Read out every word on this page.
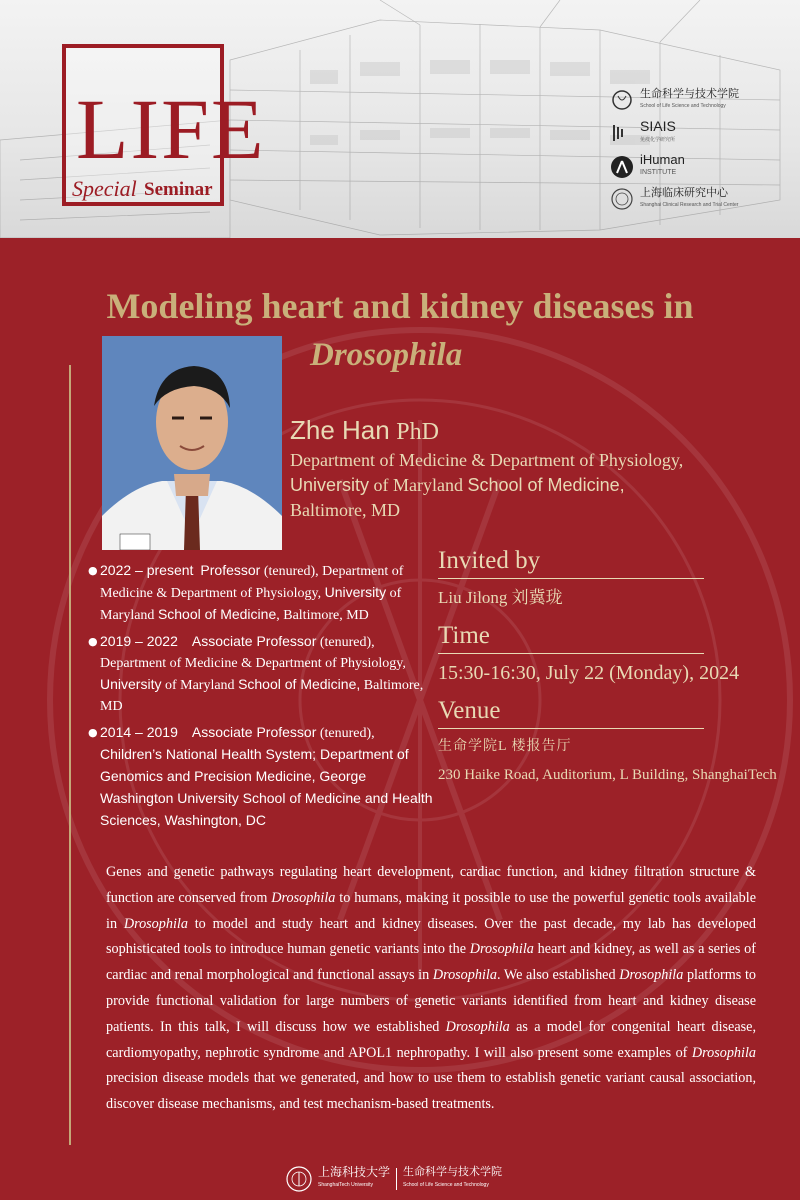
LIFE
Special Seminar
生命科学与技术学院
School of Life Science and Technology
SIAIS
免疫化学研究所
iHuman
INSTITUTE
上海临床研究中心
Shanghai Clinical Research and Trial Center
Modeling heart and kidney diseases in
Drosophila
Zhe Han PhD
Department of Medicine & Department of Physiology,
University of Maryland School of Medicine,
Baltimore, MD
● 2022 – present Professor (tenured), Department of Medicine & Department of Physiology, University of Maryland School of Medicine, Baltimore, MD
● 2019 – 2022 Associate Professor (tenured), Department of Medicine & Department of Physiology, University of Maryland School of Medicine, Baltimore, MD
● 2014 – 2019 Associate Professor (tenured), Children’s National Health System; Department of Genomics and Precision Medicine, George Washington University School of Medicine and Health Sciences, Washington, DC
Invited by
Liu Jilong 刘冀珑
Time
15:30-16:30, July 22 (Monday), 2024
Venue
生命学院L 楼报告厅
230 Haike Road, Auditorium, L Building, ShanghaiTech
Genes and genetic pathways regulating heart development, cardiac function, and kidney filtration structure & function are conserved from Drosophila to humans, making it possible to use the powerful genetic tools available in Drosophila to model and study heart and kidney diseases. Over the past decade, my lab has developed sophisticated tools to introduce human genetic variants into the Drosophila heart and kidney, as well as a series of cardiac and renal morphological and functional assays in Drosophila. We also established Drosophila platforms to provide functional validation for large numbers of genetic variants identified from heart and kidney disease patients. In this talk, I will discuss how we established Drosophila as a model for congenital heart disease, cardiomyopathy, nephrotic syndrome and APOL1 nephropathy. I will also present some examples of Drosophila precision disease models that we generated, and how to use them to establish genetic variant causal association, discover disease mechanisms, and test mechanism-based treatments.
上海科技大学
ShanghaiTech University
生命科学与技术学院
School of Life Science and Technology
